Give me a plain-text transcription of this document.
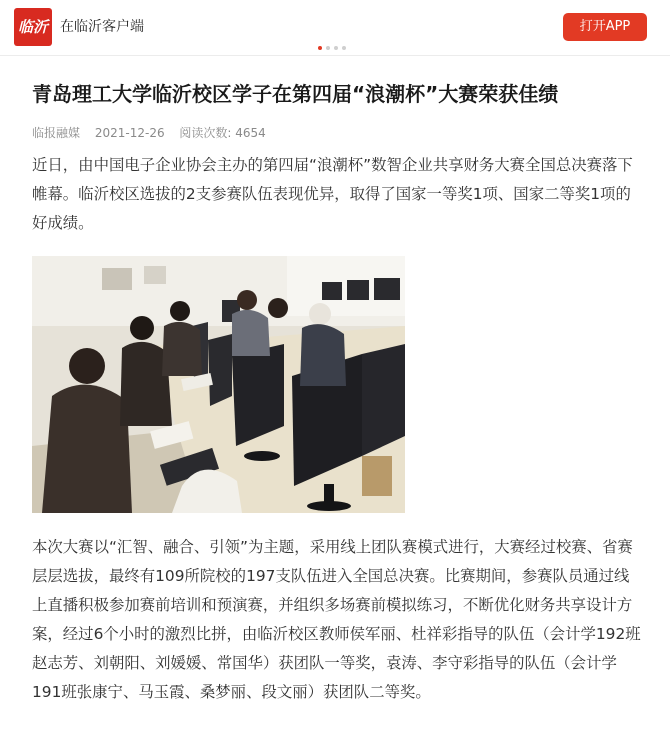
临沂 在临沂客户端	打开APP
青岛理工大学临沂校区学子在第四届“浪潮杯”大赛荣获佳绩
临报融媒 2021-12-26 阅读次数: 4654

近日，由中国电子企业协会主办的第四届“浪潮杯”数智企业共享财务大赛全国总决赛落下帷幕。临沂校区选拔的2支参赛队伍表现优异，取得了国家一等奖1项、国家二等奖1项的好成绩。

本次大赛以“汇智、融合、引领”为主题，采用线上团队赛模式进行，大赛经过校赛、省赛层层选拔，最终有109所院校的197支队伍进入全国总决赛。比赛期间，参赛队员通过线上直播积极参加赛前培训和预演赛，并组织多场赛前模拟练习，不断优化财务共享设计方案，经过6个小时的激烈比拼，由临沂校区教师侯军丽、杜祥彩指导的队伍（会计学192班赵志芳、刘朝阳、刘媛媛、常国华）获团队一等奖，袁涛、李守彩指导的队伍（会计学191班张康宁、马玉霞、桑梦丽、段文丽）获团队二等奖。
